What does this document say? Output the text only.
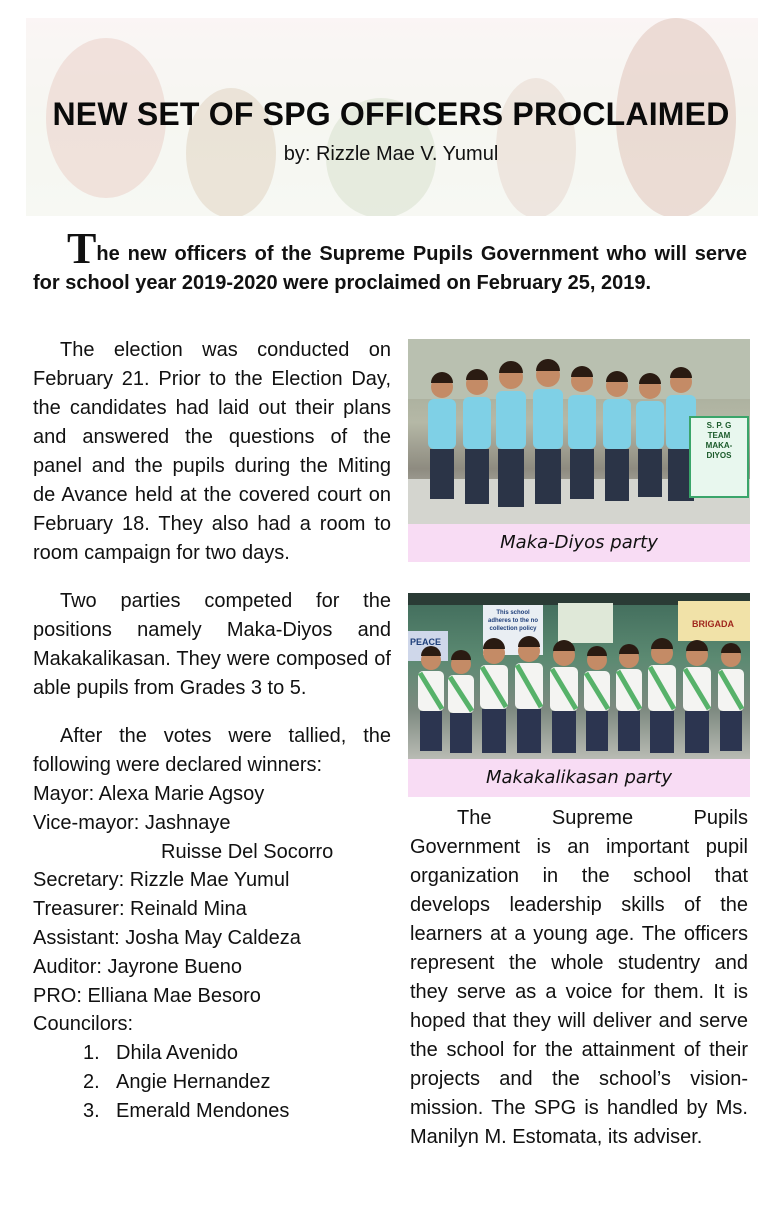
NEW SET OF SPG OFFICERS PROCLAIMED
by: Rizzle Mae V. Yumul

The new officers of the Supreme Pupils Government who will serve for school year 2019-2020 were proclaimed on February 25, 2019.

The election was conducted on February 21. Prior to the Election Day, the candidates had laid out their plans and answered the questions of the panel and the pupils during the Miting de Avance held at the covered court on February 18. They also had a room to room campaign for two days.

Two parties competed for the positions namely Maka-Diyos and Makakalikasan. They were composed of able pupils from Grades 3 to 5.

After the votes were tallied, the following were declared winners:

Mayor: Alexa Marie Agsoy
Vice-mayor: Jashnaye
Ruisse Del Socorro
Secretary: Rizzle Mae Yumul
Treasurer: Reinald Mina
Assistant: Josha May Caldeza
Auditor: Jayrone Bueno
PRO: Elliana Mae Besoro
Councilors:
1. Dhila Avenido
2. Angie Hernandez
3. Emerald Mendones
S. P. G
TEAM
MAKA-
DIYOS
Maka-Diyos party
This school adheres to the no collection policy	BRIGADA
PEACE
Makakalikasan party

The Supreme Pupils Government is an important pupil organization in the school that develops leadership skills of the learners at a young age. The officers represent the whole studentry and they serve as a voice for them. It is hoped that they will deliver and serve the school for the attainment of their projects and the school’s vision-mission. The SPG is handled by Ms. Manilyn M. Estomata, its adviser.
